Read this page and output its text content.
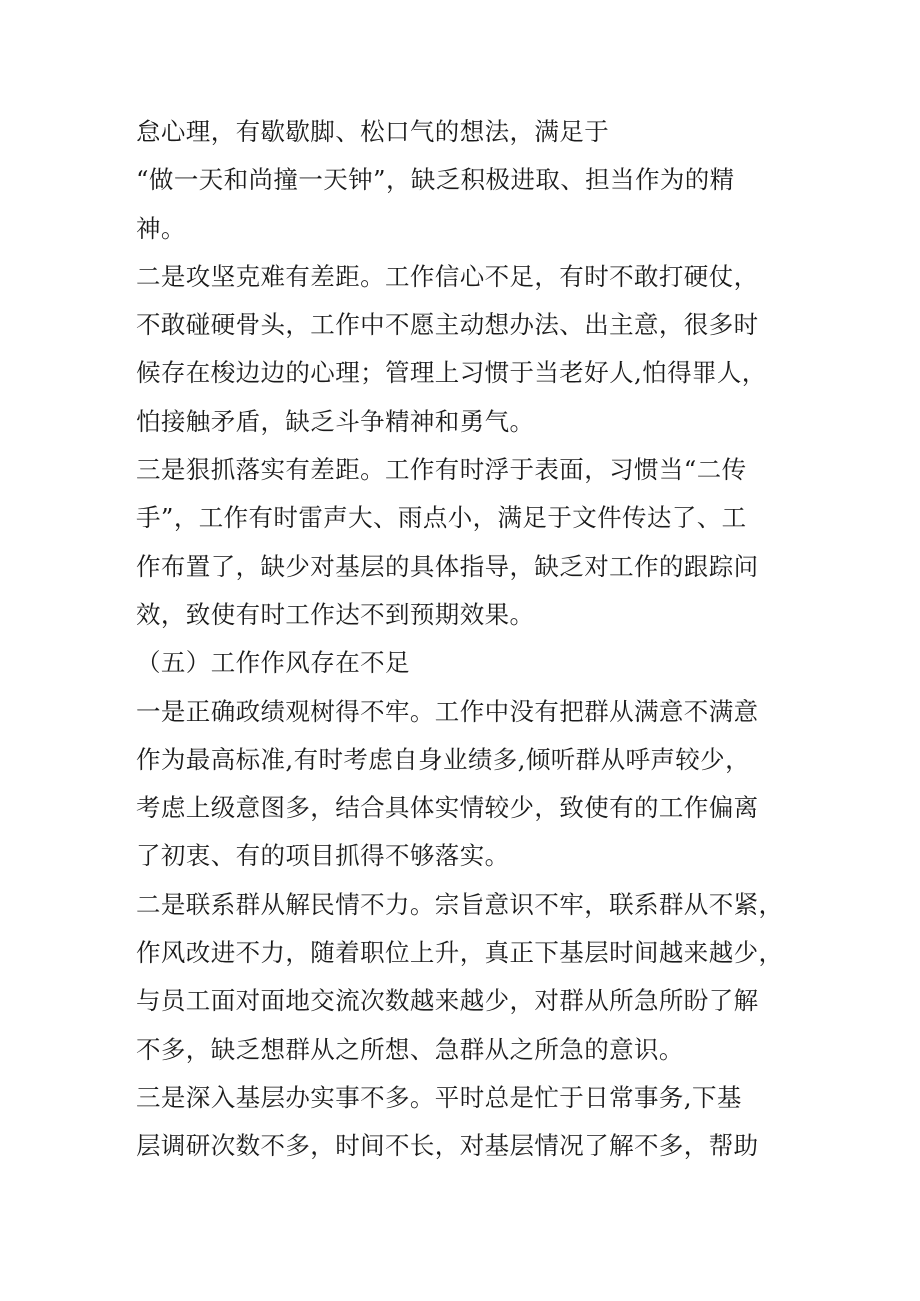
怠心理，有歇歇脚、松口气的想法，满足于
“做一天和尚撞一天钟”，缺乏积极进取、担当作为的精
神。
二是攻坚克难有差距。工作信心不足，有时不敢打硬仗，
不敢碰硬骨头，工作中不愿主动想办法、出主意，很多时
候存在梭边边的心理；管理上习惯于当老好人,怕得罪人，
怕接触矛盾，缺乏斗争精神和勇气。
三是狠抓落实有差距。工作有时浮于表面，习惯当“二传
手”，工作有时雷声大、雨点小，满足于文件传达了、工
作布置了，缺少对基层的具体指导，缺乏对工作的跟踪问
效，致使有时工作达不到预期效果。
（五）工作作风存在不足
一是正确政绩观树得不牢。工作中没有把群从满意不满意
作为最高标准,有时考虑自身业绩多,倾听群从呼声较少，
考虑上级意图多，结合具体实情较少，致使有的工作偏离
了初衷、有的项目抓得不够落实。
二是联系群从解民情不力。宗旨意识不牢，联系群从不紧，
作风改进不力，随着职位上升，真正下基层时间越来越少，
与员工面对面地交流次数越来越少，对群从所急所盼了解
不多，缺乏想群从之所想、急群从之所急的意识。
三是深入基层办实事不多。平时总是忙于日常事务,下基
层调研次数不多，时间不长，对基层情况了解不多，帮助
